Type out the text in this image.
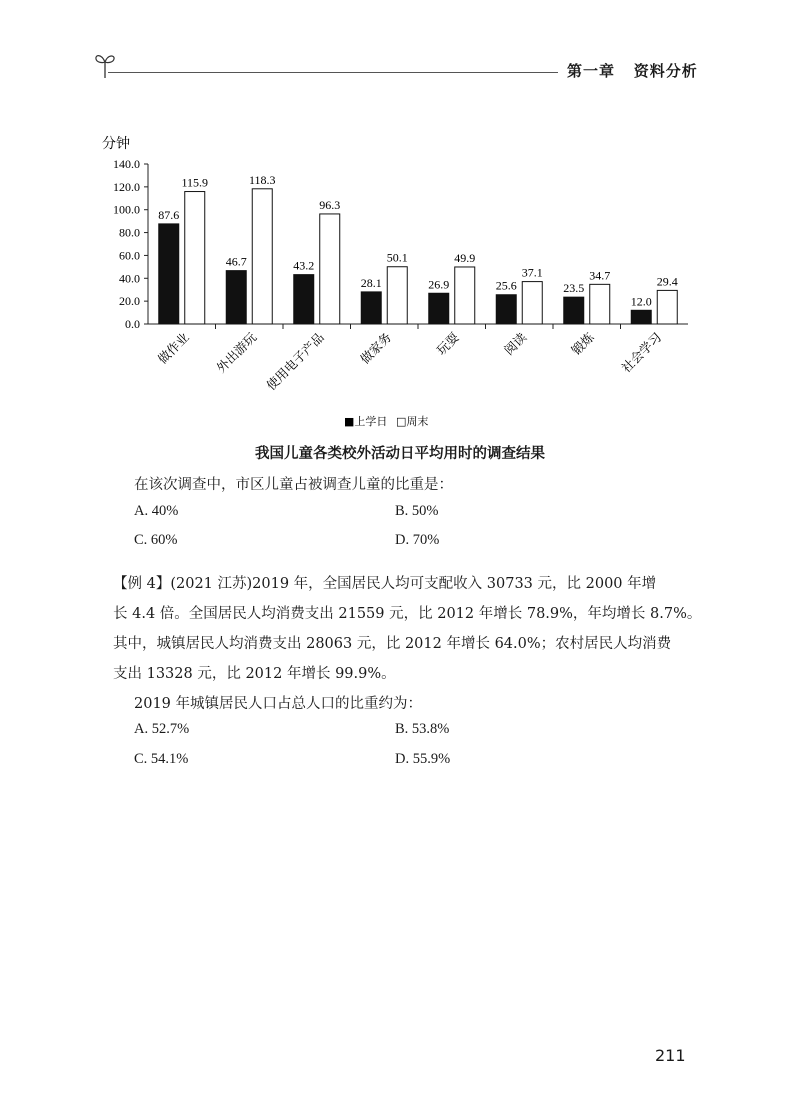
第一章 资料分析
分钟
0.0
20.0
40.0
60.0
80.0
100.0
120.0
140.0
87.6
115.9
46.7
118.3
43.2
96.3
28.1
50.1
26.9
49.9
25.6
37.1
23.5
34.7
12.0
29.4
做作业 外出游玩 使用电子产品 做家务	玩耍	阅读	锻炼 社会学习
■上学日 □周末
我国儿童各类校外活动日平均用时的调查结果
在该次调查中，市区儿童占被调查儿童的比重是：
A. 40%	B. 50%
C. 60%	D. 70%
【例 4】(2021 江苏)2019 年，全国居民人均可支配收入 30733 元，比 2000 年增
长 4.4 倍。全国居民人均消费支出 21559 元，比 2012 年增长 78.9%，年均增长 8.7%。
其中，城镇居民人均消费支出 28063 元，比 2012 年增长 64.0%；农村居民人均消费
支出 13328 元，比 2012 年增长 99.9%。
2019 年城镇居民人口占总人口的比重约为：
A. 52.7%	B. 53.8%
C. 54.1%	D. 55.9%
211
